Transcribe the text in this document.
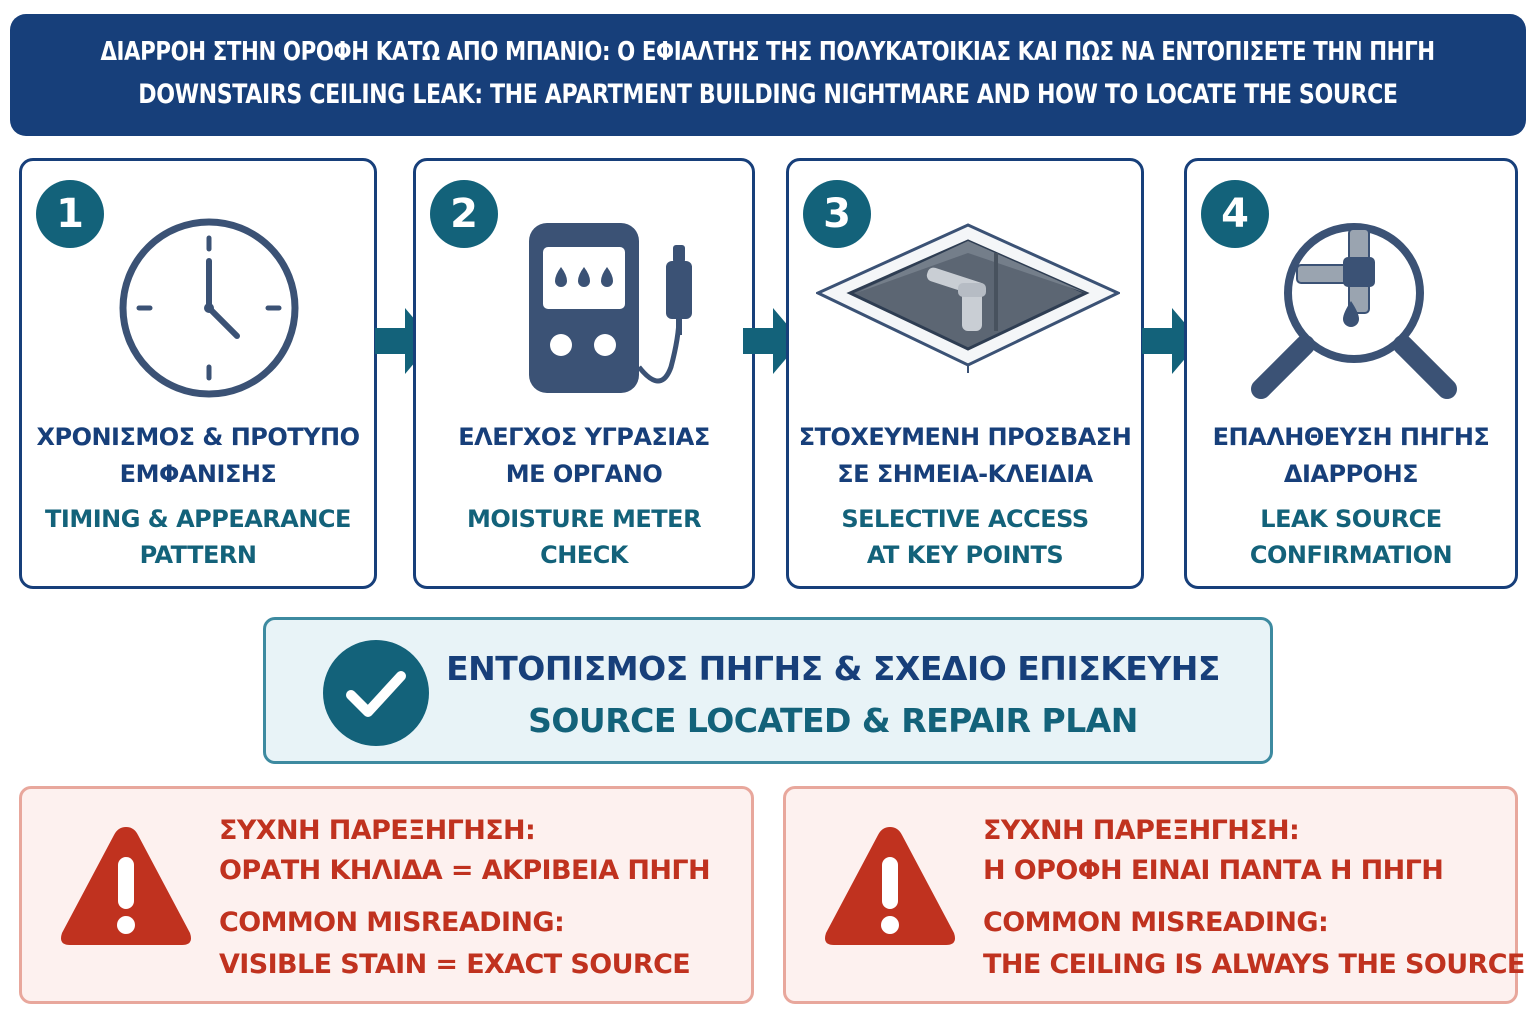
ΔΙΑΡΡΟΗ ΣΤΗΝ ΟΡΟΦΗ ΚΑΤΩ ΑΠΟ ΜΠΑΝΙΟ: Ο ΕΦΙΑΛΤΗΣ ΤΗΣ ΠΟΛΥΚΑΤΟΙΚΙΑΣ ΚΑΙ ΠΩΣ ΝΑ ΕΝΤΟΠΙΣΕΤΕ ΤΗΝ ΠΗΓΗ
DOWNSTAIRS CEILING LEAK: THE APARTMENT BUILDING NIGHTMARE AND HOW TO LOCATE THE SOURCE
1
ΧΡΟΝΙΣΜΟΣ & ΠΡΟΤΥΠΟ
ΕΜΦΑΝΙΣΗΣ
TIMING & APPEARANCE
PATTERN
2
ΕΛΕΓΧΟΣ ΥΓΡΑΣΙΑΣ
ΜΕ ΟΡΓΑΝΟ
MOISTURE METER
CHECK
3
ΣΤΟΧΕΥΜΕΝΗ ΠΡΟΣΒΑΣΗ
ΣΕ ΣΗΜΕΙΑ-ΚΛΕΙΔΙΑ
SELECTIVE ACCESS
AT KEY POINTS
4
ΕΠΑΛΗΘΕΥΣΗ ΠΗΓΗΣ
ΔΙΑΡΡΟΗΣ
LEAK SOURCE
CONFIRMATION
ΕΝΤΟΠΙΣΜΟΣ ΠΗΓΗΣ & ΣΧΕΔΙΟ ΕΠΙΣΚΕΥΗΣ
SOURCE LOCATED & REPAIR PLAN
ΣΥΧΝΗ ΠΑΡΕΞΗΓΗΣΗ:
ΟΡΑΤΗ ΚΗΛΙΔΑ = ΑΚΡΙΒΕΙΑ ΠΗΓΗ
COMMON MISREADING:
VISIBLE STAIN = EXACT SOURCE
ΣΥΧΝΗ ΠΑΡΕΞΗΓΗΣΗ:
Η ΟΡΟΦΗ ΕΙΝΑΙ ΠΑΝΤΑ Η ΠΗΓΗ
COMMON MISREADING:
THE CEILING IS ALWAYS THE SOURCE
